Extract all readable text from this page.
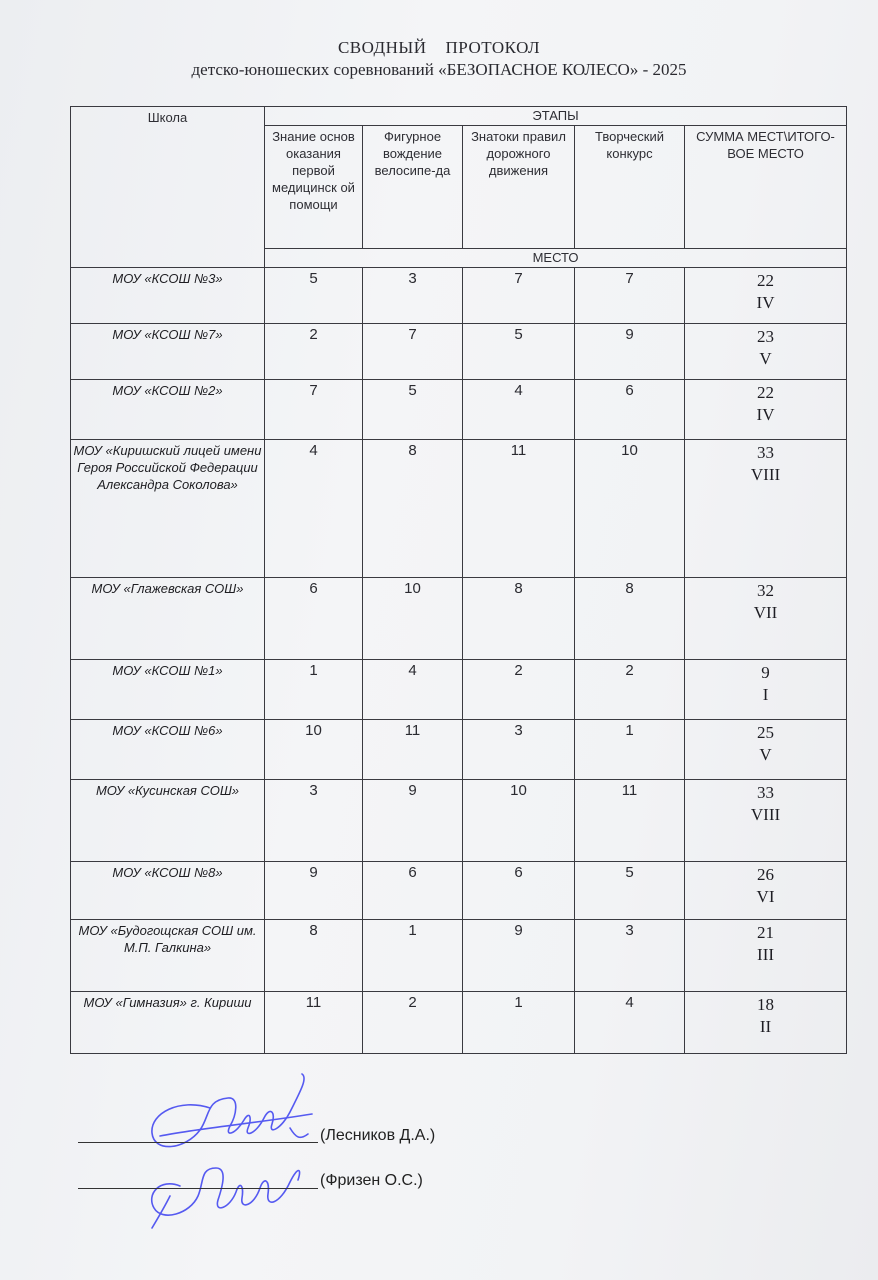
СВОДНЫЙ    ПРОТОКОЛ
детско-юношеских соревнований «БЕЗОПАСНОЕ КОЛЕСО» - 2025
Школа	ЭТАПЫ				
	Знание основ оказания первой медицинск ой помощи	Фигурное вождение велосипе-да	Знатоки правил дорожного движения	Творческий конкурс	СУММА МЕСТ\ИТОГО-ВОЕ МЕСТО
	МЕСТО				
МОУ «КСОШ №3»	5	3	7	7	22
IV

МОУ «КСОШ №7»	2	7	5	9	23
V

МОУ «КСОШ №2»	7	5	4	6	22
IV

МОУ «Киришский лицей имени Героя Российской Федерации Александра Соколова»	4	8	11	10	33
VIII

МОУ «Глажевская СОШ»	6	10	8	8	32
VII

МОУ «КСОШ №1»	1	4	2	2	9
I

МОУ «КСОШ №6»	10	11	3	1	25
V

МОУ «Кусинская СОШ»	3	9	10	11	33
VIII

МОУ «КСОШ №8»	9	6	6	5	26
VI

МОУ «Будогощская СОШ им. М.П. Галкина»	8	1	9	3	21
III

МОУ «Гимназия» г. Кириши	11	2	1	4	18
II
(Лесников Д.А.)
(Фризен О.С.)
